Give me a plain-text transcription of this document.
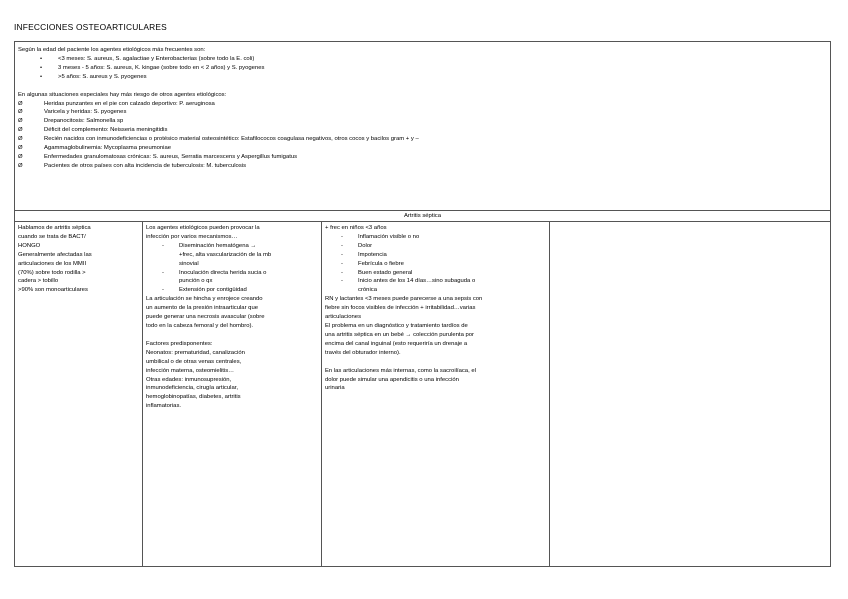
INFECCIONES OSTEOARTICULARES
Según la edad del paciente los agentes etiológicos más frecuentes son:
• <3 meses: S. aureus, S. agalactiae y Enterobacterias (sobre todo la E. coli)
• 3 meses - 5 años: S. aureus, K. kingae (sobre todo en < 2 años) y S. pyogenes
• >5 años: S. aureus y S. pyogenes
En algunas situaciones especiales hay más riesgo de otros agentes etiológicos:
Ø	Heridas punzantes en el pie con calzado deportivo: P. aeruginosa
Ø	Varicela y heridas: S. pyogenes
Ø	Drepanocitosis: Salmonella sp
Ø	Déficit del complemento: Neisseria meningitidis
Ø	Recién nacidos con inmunodeficiencias o protésico material osteosintético: Estafilococos coagulasa negativos, otros cocos y bacilos gram + y –
Ø	Agammaglobulinemia: Mycoplasma pneumoniae
Ø	Enfermedades granulomatosas crónicas: S. aureus, Serratia marcescens y Aspergillus fumigatus
Ø	Pacientes de otros países con alta incidencia de tuberculosis: M. tuberculosis

Artritis séptica

Hablamos de artritis séptica
cuando se trata de BACT/
HONGO
Generalmente afectadas las
articulaciones de los MMII
(70%) sobre todo rodilla >
cadera > tobillo
>90% son monoarticulares

Los agentes etiológicos pueden provocar la
infección por varios mecanismos…
- Diseminación hematógena →
+frec, alta vascularización de la mb
sinovial
- Inoculación directa herida sucia o
punción o qx
- Extensión por contigüidad
La articulación se hincha y enrojece creando
un aumento de la presión intraarticular que
puede generar una necrosis avascular (sobre
todo en la cabeza femoral y del hombro).
Factores predisponentes:
Neonatos: prematuridad, canalización
umbilical o de otras venas centrales,
infección materna, osteomielitis…
Otras edades: inmunosupresión,
inmunodeficiencia, cirugía articular,
hemoglobinopatías, diabetes, artritis
inflamatorias.

+ frec en niños <3 años
- Inflamación visible o no
- Dolor
- Impotencia
- Febrícula o fiebre
- Buen estado general
- Inicio antes de los 14 días…sino subaguda o
crónica
RN y lactantes <3 meses puede parecerse a una sepsis con
fiebre sin focos visibles de infección + irritabilidad…varias
articulaciones
El problema en un diagnóstico y tratamiento tardíos de
una artritis séptica en un bebé → colección purulenta por
encima del canal inguinal (esto requeriría un drenaje a
través del obturador interno).
En las articulaciones más internas, como la sacroilíaca, el
dolor puede simular una apendicitis o una infección
urinaria
